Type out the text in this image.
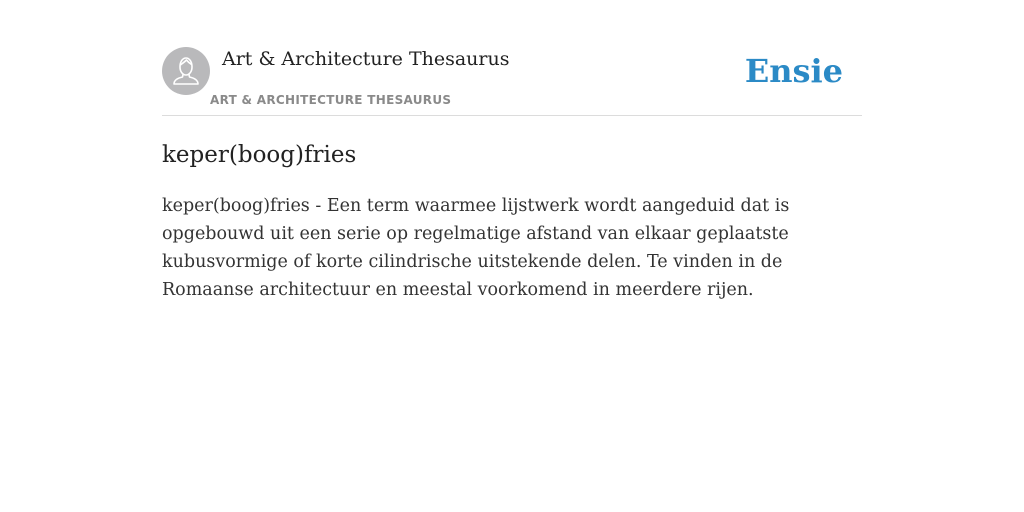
Art & Architecture Thesaurus
ART & ARCHITECTURE THESAURUS
Ensie
keper(boog)fries

keper(boog)fries - Een term waarmee lijstwerk wordt aangeduid dat is opgebouwd uit een serie op regelmatige afstand van elkaar geplaatste kubusvormige of korte cilindrische uitstekende delen. Te vinden in de Romaanse architectuur en meestal voorkomend in meerdere rijen.
